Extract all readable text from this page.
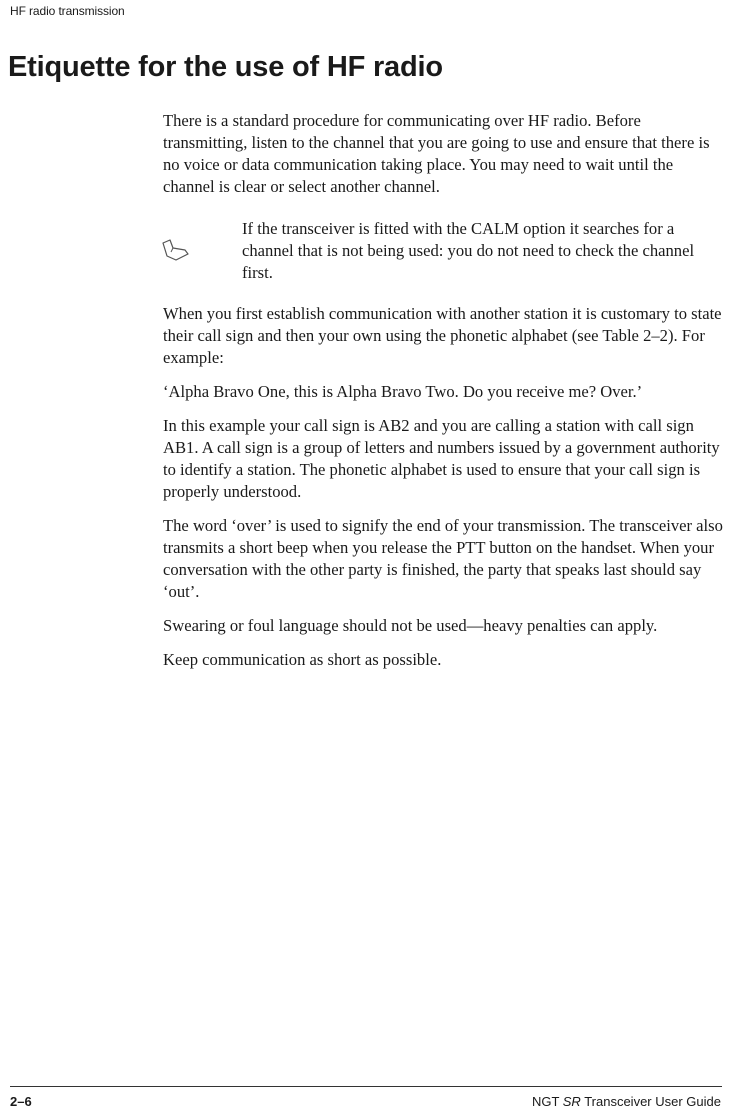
HF radio transmission
Etiquette for the use of HF radio

There is a standard procedure for communicating over HF radio. Before transmitting, listen to the channel that you are going to use and ensure that there is no voice or data communication taking place. You may need to wait until the channel is clear or select another channel.

If the transceiver is fitted with the CALM option it searches for a channel that is not being used: you do not need to check the channel first.

When you first establish communication with another station it is customary to state their call sign and then your own using the phonetic alphabet (see Table 2–2). For example:

‘Alpha Bravo One, this is Alpha Bravo Two. Do you receive me? Over.’

In this example your call sign is AB2 and you are calling a station with call sign AB1. A call sign is a group of letters and numbers issued by a government authority to identify a station. The phonetic alphabet is used to ensure that your call sign is properly understood.

The word ‘over’ is used to signify the end of your transmission. The transceiver also transmits a short beep when you release the PTT button on the handset. When your conversation with the other party is finished, the party that speaks last should say ‘out’.

Swearing or foul language should not be used—heavy penalties can apply.

Keep communication as short as possible.

2–6	NGT SR Transceiver User Guide
